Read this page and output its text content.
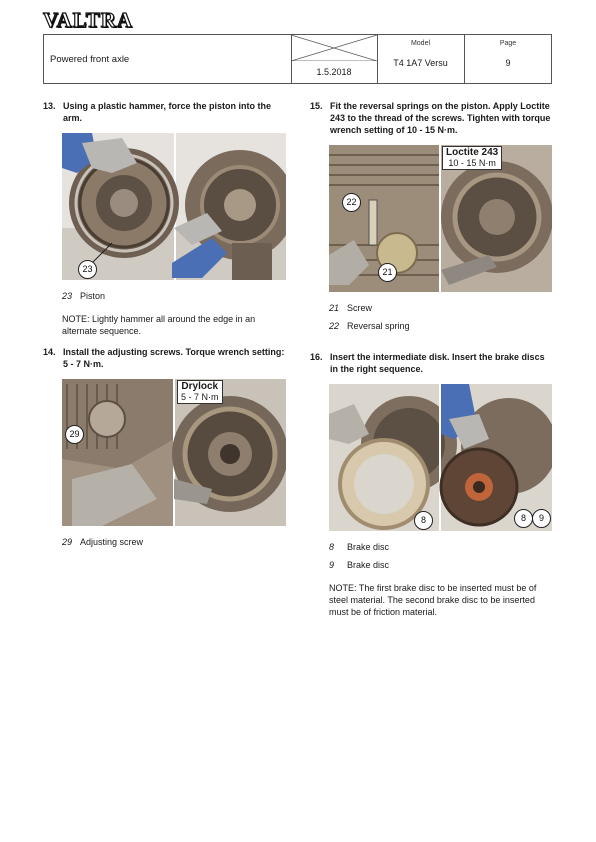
VALTRA
Powered front axle
1.5.2018
Model
T4 1A7 Versu
Page
9
13. Using a plastic hammer, force the piston into the arm.
23
23 Piston
NOTE: Lightly hammer all around the edge in an alternate sequence.
14. Install the adjusting screws. Torque wrench setting: 5 - 7 N·m.
29
Drylock
5 - 7 N·m
29 Adjusting screw
15. Fit the reversal springs on the piston. Apply Loctite 243 to the thread of the screws. Tighten with torque wrench setting of 10 - 15 N·m.
22
21
Loctite 243
10 - 15 N·m
21 Screw
22 Reversal spring
16. Insert the intermediate disk. Insert the brake discs in the right sequence.
8	8	9
8 Brake disc
9 Brake disc
NOTE: The first brake disc to be inserted must be of steel material. The second brake disc to be inserted must be of friction material.
